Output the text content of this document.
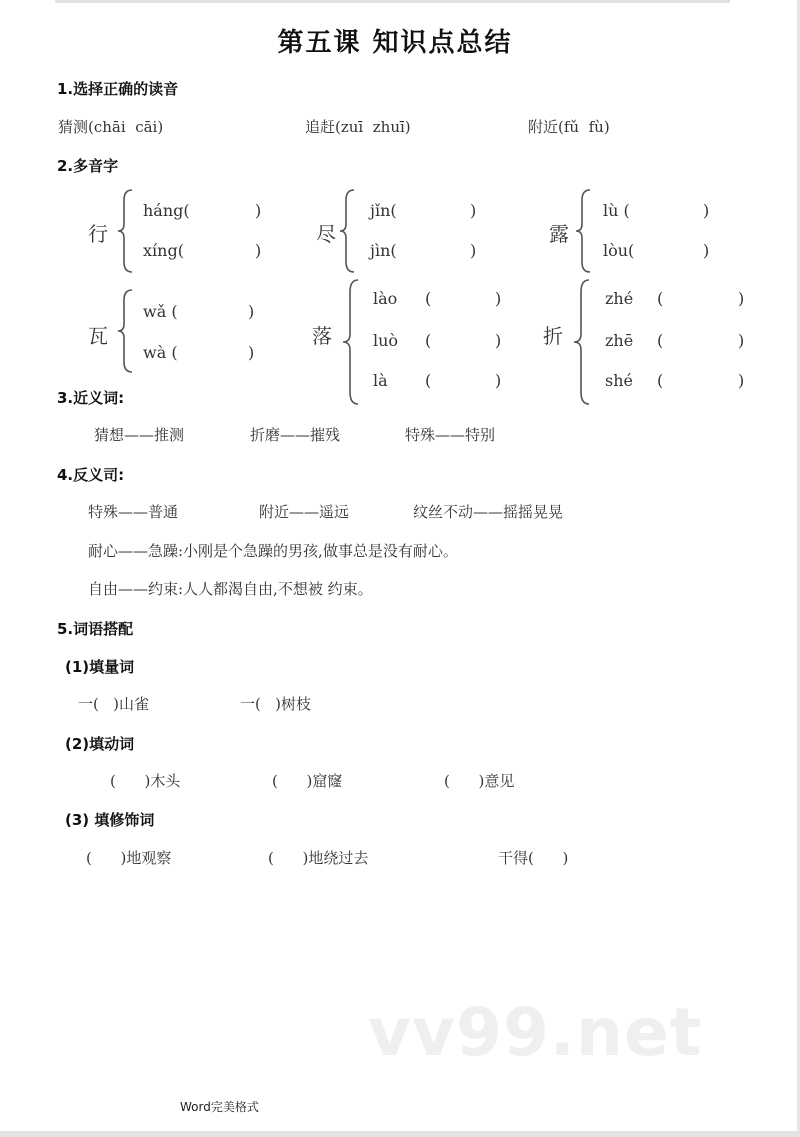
第五课 知识点总结
1.选择正确的读音
猜测(chāi  cāi)	追赶(zuī  zhuī)	附近(fǔ  fù)
2.多音字
行
háng(	)
xíng(	)
尽
jǐn(	)
jìn(	)
露
lù (	)
lòu(	)
瓦
wǎ (	)
wà (	)
落
lào (	)
luò (	)
là (	)
折
zhé (	)
zhē (	)
shé (	)
3.近义词:
猜想——推测	折磨——摧残	特殊——特别
4.反义司:
特殊——普通	附近——遥远	纹丝不动——摇摇晃晃
耐心——急躁:小刚是个急躁的男孩,做事总是没有耐心。
自由——约束:人人都渴自由,不想被 约束。
5.词语搭配
(1)填量词
一(   )山雀	一(   )树枝
(2)填动词
(      )木头	(      )窟窿	(      )意见
(3) 填修饰词
(      )地观察	(      )地绕过去	干得(      )
vv99.net
Word完美格式
